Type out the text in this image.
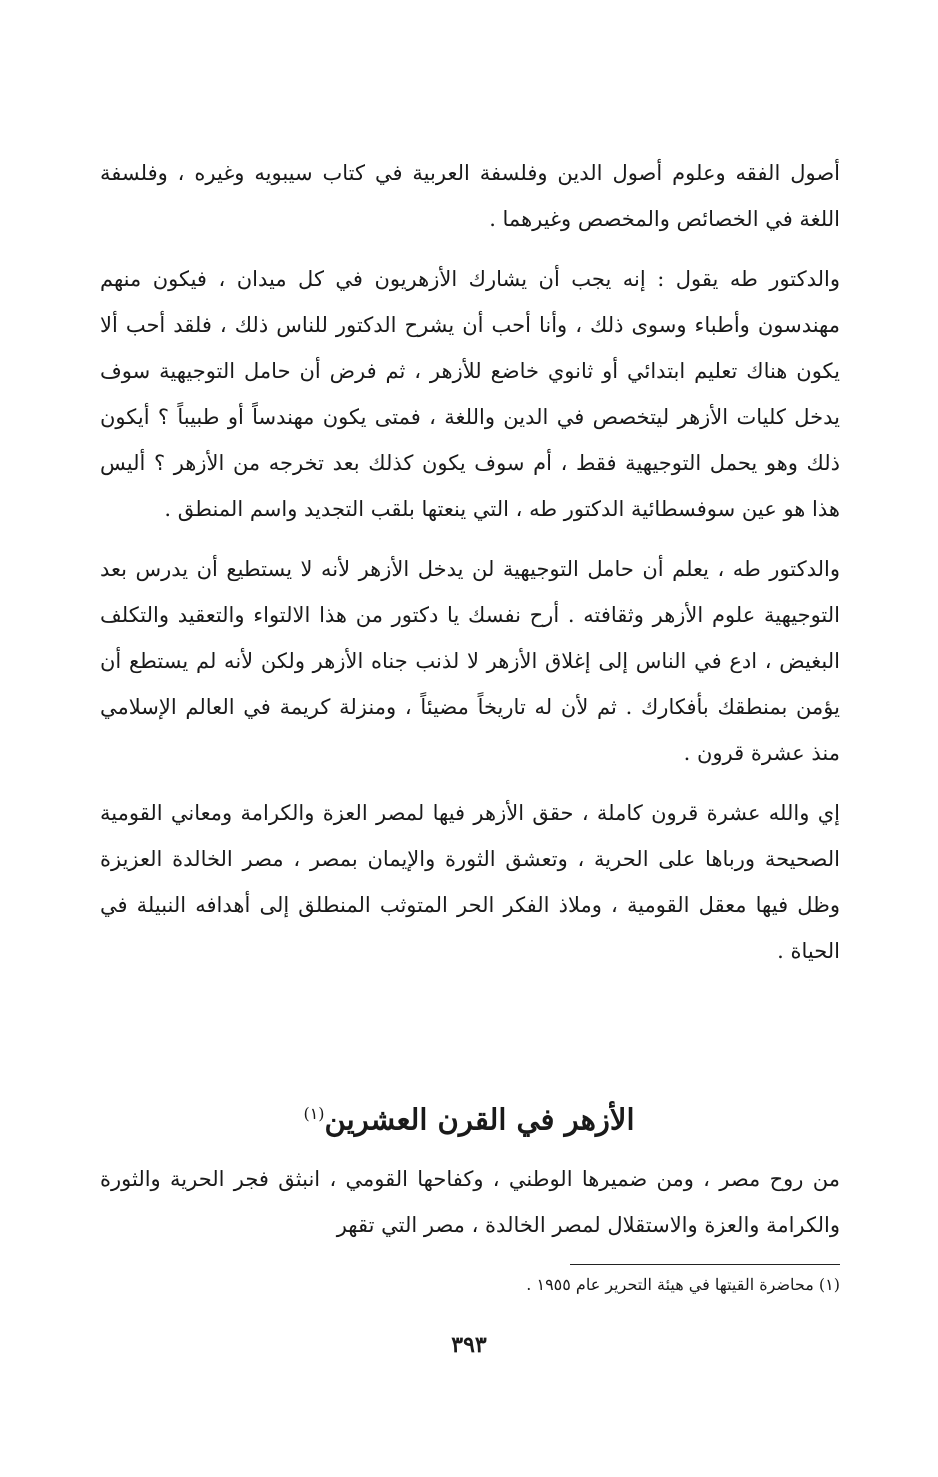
أصول الفقه وعلوم أصول الدين وفلسفة العربية في كتاب سيبويه وغيره ، وفلسفة اللغة في الخصائص والمخصص وغيرهما .

والدكتور طه يقول : إنه يجب أن يشارك الأزهريون في كل ميدان ، فيكون منهم مهندسون وأطباء وسوى ذلك ، وأنا أحب أن يشرح الدكتور للناس ذلك ، فلقد أحب ألا يكون هناك تعليم ابتدائي أو ثانوي خاضع للأزهر ، ثم فرض أن حامل التوجيهية سوف يدخل كليات الأزهر ليتخصص في الدين واللغة ، فمتى يكون مهندساً أو طبيباً ؟ أيكون ذلك وهو يحمل التوجيهية فقط ، أم سوف يكون كذلك بعد تخرجه من الأزهر ؟ أليس هذا هو عين سوفسطائية الدكتور طه ، التي ينعتها بلقب التجديد واسم المنطق .

والدكتور طه ، يعلم أن حامل التوجيهية لن يدخل الأزهر لأنه لا يستطيع أن يدرس بعد التوجيهية علوم الأزهر وثقافته . أرح نفسك يا دكتور من هذا الالتواء والتعقيد والتكلف البغيض ، ادع في الناس إلى إغلاق الأزهر لا لذنب جناه الأزهر ولكن لأنه لم يستطع أن يؤمن بمنطقك بأفكارك . ثم لأن له تاريخاً مضيئاً ، ومنزلة كريمة في العالم الإسلامي منذ عشرة قرون .

إي والله عشرة قرون كاملة ، حقق الأزهر فيها لمصر العزة والكرامة ومعاني القومية الصحيحة ورباها على الحرية ، وتعشق الثورة والإيمان بمصر ، مصر الخالدة العزيزة وظل فيها معقل القومية ، وملاذ الفكر الحر المتوثب المنطلق إلى أهدافه النبيلة في الحياة .

الأزهر في القرن العشرين$^{(١)}$

من روح مصر ، ومن ضميرها الوطني ، وكفاحها القومي ، انبثق فجر الحرية والثورة والكرامة والعزة والاستقلال لمصر الخالدة ، مصر التي تقهر

(١) محاضرة القيتها في هيئة التحرير عام ١٩٥٥ .
٣٩٣
